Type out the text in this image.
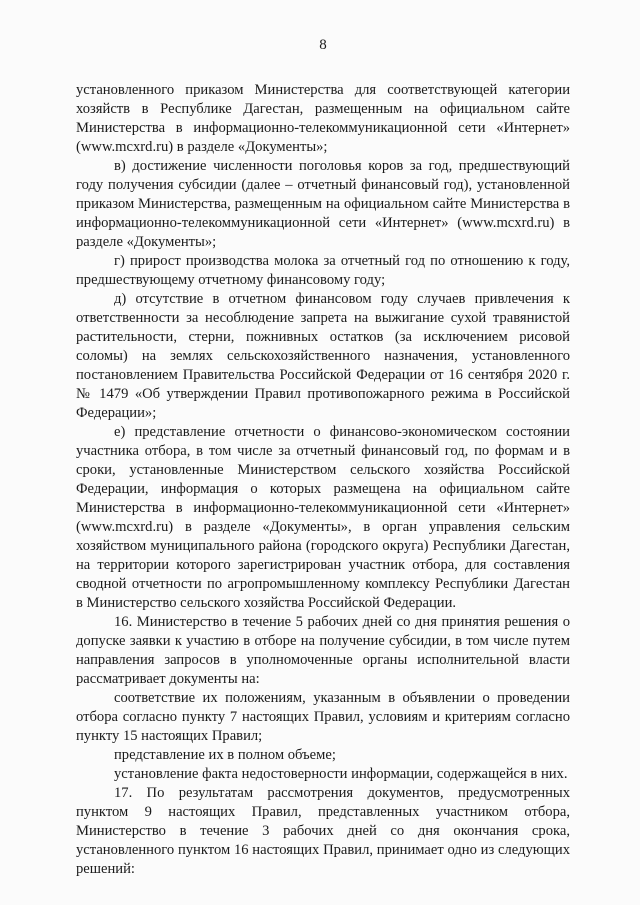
8

установленного приказом Министерства для соответствующей категории хозяйств в Республике Дагестан, размещенным на официальном сайте Министерства в информационно-телекоммуникационной сети «Интернет» (www.mcxrd.ru) в разделе «Документы»;

в) достижение численности поголовья коров за год, предшествующий году получения субсидии (далее – отчетный финансовый год), установленной приказом Министерства, размещенным на официальном сайте Министерства в информационно-телекоммуникационной сети «Интернет» (www.mcxrd.ru) в разделе «Документы»;

г) прирост производства молока за отчетный год по отношению к году, предшествующему отчетному финансовому году;

д) отсутствие в отчетном финансовом году случаев привлечения к ответственности за несоблюдение запрета на выжигание сухой травянистой растительности, стерни, пожнивных остатков (за исключением рисовой соломы) на землях сельскохозяйственного назначения, установленного постановлением Правительства Российской Федерации от 16 сентября 2020 г. № 1479 «Об утверждении Правил противопожарного режима в Российской Федерации»;

е) представление отчетности о финансово-экономическом состоянии участника отбора, в том числе за отчетный финансовый год, по формам и в сроки, установленные Министерством сельского хозяйства Российской Федерации, информация о которых размещена на официальном сайте Министерства в информационно-телекоммуникационной сети «Интернет» (www.mcxrd.ru) в разделе «Документы», в орган управления сельским хозяйством муниципального района (городского округа) Республики Дагестан, на территории которого зарегистрирован участник отбора, для составления сводной отчетности по агропромышленному комплексу Республики Дагестан в Министерство сельского хозяйства Российской Федерации.

16. Министерство в течение 5 рабочих дней со дня принятия решения о допуске заявки к участию в отборе на получение субсидии, в том числе путем направления запросов в уполномоченные органы исполнительной власти рассматривает документы на:

соответствие их положениям, указанным в объявлении о проведении отбора согласно пункту 7 настоящих Правил, условиям и критериям согласно пункту 15 настоящих Правил;

представление их в полном объеме;

установление факта недостоверности информации, содержащейся в них.

17. По результатам рассмотрения документов, предусмотренных пунктом 9 настоящих Правил, представленных участником отбора, Министерство в течение 3 рабочих дней со дня окончания срока, установленного пунктом 16 настоящих Правил, принимает одно из следующих решений:
